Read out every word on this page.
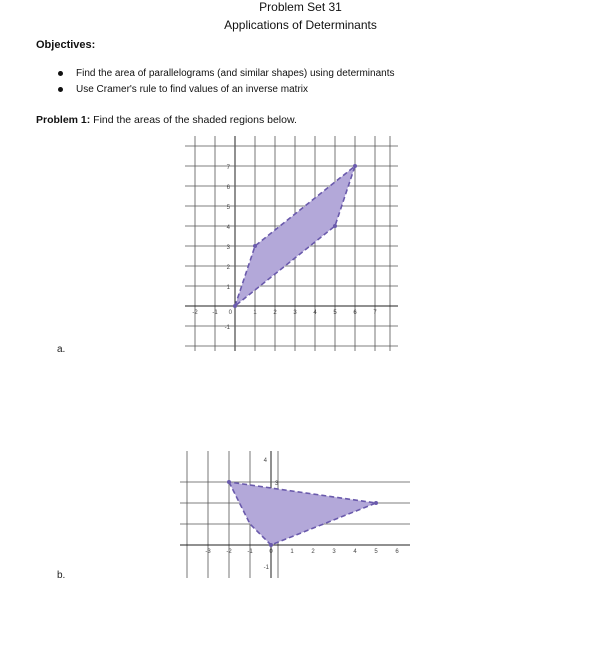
Problem Set 31
Applications of Determinants
Objectives:
Find the area of parallelograms (and similar shapes) using determinants
Use Cramer's rule to find values of an inverse matrix
Problem 1: Find the areas of the shaded regions below.
-2 -1 0	1	2	3	4	5	6	7
-1
1
2
3
4
5
6
7
a.
-3	-2	-1	0	1	2	3	4	5	6
-1
3
4
b.
